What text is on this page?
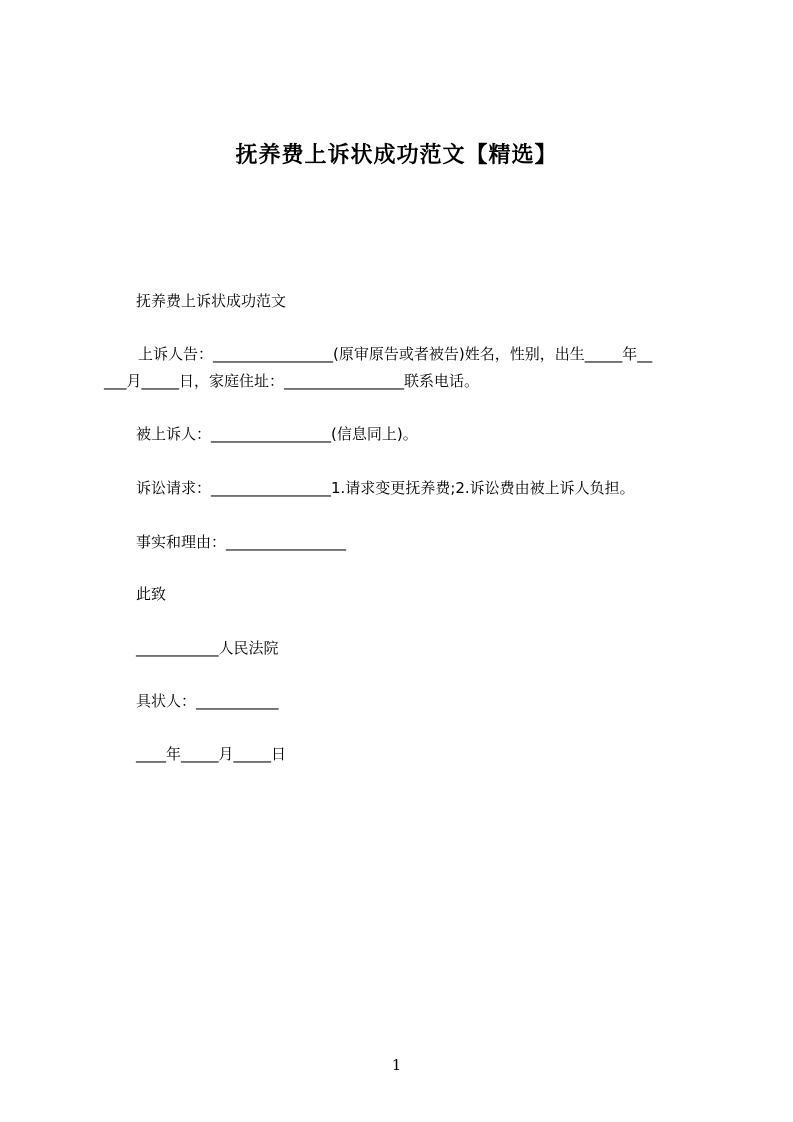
抚养费上诉状成功范文【精选】
抚养费上诉状成功范文
上诉人告：________________(原审原告或者被告)姓名，性别，出生_____年__
___月_____日，家庭住址：________________联系电话。
被上诉人：________________(信息同上)。
诉讼请求：________________1.请求变更抚养费;2.诉讼费由被上诉人负担。
事实和理由：________________
此致
___________人民法院
具状人：___________
____年_____月_____日
1
